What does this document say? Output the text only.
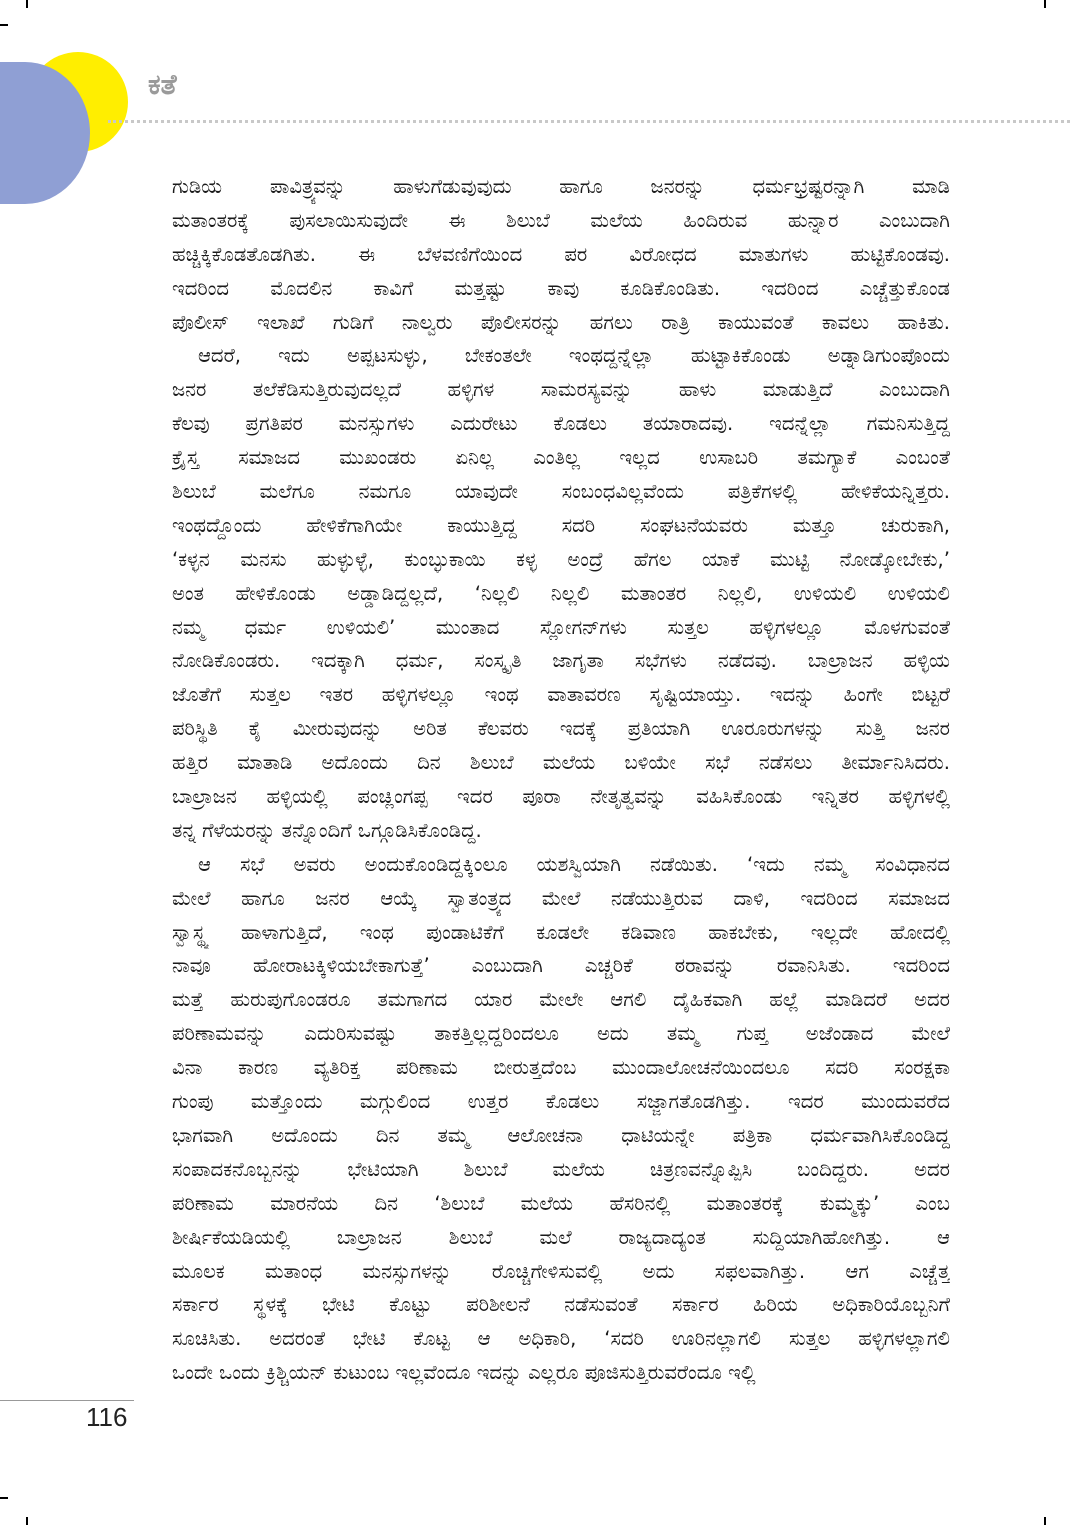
ಕತೆ
ಗುಡಿಯ ಪಾವಿತ್ರ್ಯವನ್ನು ಹಾಳುಗೆಡುವುವುದು ಹಾಗೂ ಜನರನ್ನು ಧರ್ಮಭ್ರಷ್ಟರನ್ನಾಗಿ ಮಾಡಿ
ಮತಾಂತರಕ್ಕೆ ಪುಸಲಾಯಿಸುವುದೇ ಈ ಶಿಲುಬೆ ಮಲೆಯ ಹಿಂದಿರುವ ಹುನ್ನಾರ ಎಂಬುದಾಗಿ
ಹಚ್ಚಿಕ್ಕಿಕೊಡತೊಡಗಿತು. ಈ ಬೆಳವಣಿಗೆಯಿಂದ ಪರ ವಿರೋಧದ ಮಾತುಗಳು ಹುಟ್ಟಿಕೊಂಡವು.
ಇದರಿಂದ ಮೊದಲಿನ ಕಾವಿಗೆ ಮತ್ತಷ್ಟು ಕಾವು ಕೂಡಿಕೊಂಡಿತು. ಇದರಿಂದ ಎಚ್ಚೆತ್ತುಕೊಂಡ
ಪೊಲೀಸ್ ಇಲಾಖೆ ಗುಡಿಗೆ ನಾಲ್ವರು ಪೊಲೀಸರನ್ನು ಹಗಲು ರಾತ್ರಿ ಕಾಯುವಂತೆ ಕಾವಲು ಹಾಕಿತು.
ಆದರೆ, ಇದು ಅಪ್ಪಟಸುಳ್ಳು, ಬೇಕಂತಲೇ ಇಂಥದ್ದನ್ನೆಲ್ಲಾ ಹುಟ್ಟಾಕಿಕೊಂಡು ಅಡ್ನಾಡಿಗುಂಪೊಂದು
ಜನರ ತಲೆಕೆಡಿಸುತ್ತಿರುವುದಲ್ಲದೆ ಹಳ್ಳಿಗಳ ಸಾಮರಸ್ಯವನ್ನು ಹಾಳು ಮಾಡುತ್ತಿದೆ ಎಂಬುದಾಗಿ
ಕೆಲವು ಪ್ರಗತಿಪರ ಮನಸ್ಸುಗಳು ಎದುರೇಟು ಕೊಡಲು ತಯಾರಾದವು. ಇದನ್ನೆಲ್ಲಾ ಗಮನಿಸುತ್ತಿದ್ದ
ಕ್ರೈಸ್ತ ಸಮಾಜದ ಮುಖಂಡರು ಏನಿಲ್ಲ ಎಂತಿಲ್ಲ ಇಲ್ಲದ ಉಸಾಬರಿ ತಮಗ್ಯಾಕೆ ಎಂಬಂತೆ
ಶಿಲುಬೆ ಮಲೆಗೂ ನಮಗೂ ಯಾವುದೇ ಸಂಬಂಧವಿಲ್ಲವೆಂದು ಪತ್ರಿಕೆಗಳಲ್ಲಿ ಹೇಳಿಕೆಯನ್ನಿತ್ತರು.
ಇಂಥದ್ದೊಂದು ಹೇಳಿಕೆಗಾಗಿಯೇ ಕಾಯುತ್ತಿದ್ದ ಸದರಿ ಸಂಘಟನೆಯವರು ಮತ್ತೂ ಚುರುಕಾಗಿ,
‘ಕಳ್ಳನ ಮನಸು ಹುಳ್ಳುಳ್ಳೆ, ಕುಂಬ್ಳುಕಾಯಿ ಕಳ್ಳ ಅಂದ್ರೆ ಹೆಗಲ ಯಾಕೆ ಮುಟ್ಟಿ ನೋಡ್ಕೋಬೇಕು,’
ಅಂತ ಹೇಳಿಕೊಂಡು ಅಡ್ಡಾಡಿದ್ದಲ್ಲದೆ, ‘ನಿಲ್ಲಲಿ ನಿಲ್ಲಲಿ ಮತಾಂತರ ನಿಲ್ಲಲಿ, ಉಳಿಯಲಿ ಉಳಿಯಲಿ
ನಮ್ಮ ಧರ್ಮ ಉಳಿಯಲಿ’ ಮುಂತಾದ ಸ್ಲೋಗನ್‌ಗಳು ಸುತ್ತಲ ಹಳ್ಳಿಗಳಲ್ಲೂ ಮೊಳಗುವಂತೆ
ನೋಡಿಕೊಂಡರು. ಇದಕ್ಕಾಗಿ ಧರ್ಮ, ಸಂಸ್ಕೃತಿ ಜಾಗೃತಾ ಸಭೆಗಳು ನಡೆದವು. ಬಾಲ್ರಾಜನ ಹಳ್ಳಿಯ
ಜೊತೆಗೆ ಸುತ್ತಲ ಇತರ ಹಳ್ಳಿಗಳಲ್ಲೂ ಇಂಥ ವಾತಾವರಣ ಸೃಷ್ಟಿಯಾಯ್ತು. ಇದನ್ನು ಹಿಂಗೇ ಬಿಟ್ಟರೆ
ಪರಿಸ್ಥಿತಿ ಕೈ ಮೀರುವುದನ್ನು ಅರಿತ ಕೆಲವರು ಇದಕ್ಕೆ ಪ್ರತಿಯಾಗಿ ಊರೂರುಗಳನ್ನು ಸುತ್ತಿ ಜನರ
ಹತ್ತಿರ ಮಾತಾಡಿ ಅದೊಂದು ದಿನ ಶಿಲುಬೆ ಮಲೆಯ ಬಳಿಯೇ ಸಭೆ ನಡೆಸಲು ತೀರ್ಮಾನಿಸಿದರು.
ಬಾಲ್ರಾಜನ ಹಳ್ಳಿಯಲ್ಲಿ ಪಂಚ್ಲಿಂಗಪ್ಪ ಇದರ ಪೂರಾ ನೇತೃತ್ವವನ್ನು ವಹಿಸಿಕೊಂಡು ಇನ್ನಿತರ ಹಳ್ಳಿಗಳಲ್ಲಿ
ತನ್ನ ಗೆಳೆಯರನ್ನು ತನ್ನೊಂದಿಗೆ ಒಗ್ಗೂಡಿಸಿಕೊಂಡಿದ್ದ.
ಆ ಸಭೆ ಅವರು ಅಂದುಕೊಂಡಿದ್ದಕ್ಕಿಂಲೂ ಯಶಸ್ವಿಯಾಗಿ ನಡೆಯಿತು. ‘ಇದು ನಮ್ಮ ಸಂವಿಧಾನದ
ಮೇಲೆ ಹಾಗೂ ಜನರ ಆಯ್ಕೆ ಸ್ವಾತಂತ್ರ್ಯದ ಮೇಲೆ ನಡೆಯುತ್ತಿರುವ ದಾಳಿ, ಇದರಿಂದ ಸಮಾಜದ
ಸ್ವಾಸ್ಥ್ಯ ಹಾಳಾಗುತ್ತಿದೆ, ಇಂಥ ಪುಂಡಾಟಿಕೆಗೆ ಕೂಡಲೇ ಕಡಿವಾಣ ಹಾಕಬೇಕು, ಇಲ್ಲದೇ ಹೋದಲ್ಲಿ
ನಾವೂ ಹೋರಾಟಕ್ಕಿಳಿಯಬೇಕಾಗುತ್ತೆ’ ಎಂಬುದಾಗಿ ಎಚ್ಚರಿಕೆ ಠರಾವನ್ನು ರವಾನಿಸಿತು. ಇದರಿಂದ
ಮತ್ತೆ ಹುರುಪುಗೊಂಡರೂ ತಮಗಾಗದ ಯಾರ ಮೇಲೇ ಆಗಲಿ ದೈಹಿಕವಾಗಿ ಹಲ್ಲೆ ಮಾಡಿದರೆ ಅದರ
ಪರಿಣಾಮವನ್ನು ಎದುರಿಸುವಷ್ಟು ತಾಕತ್ತಿಲ್ಲದ್ದರಿಂದಲೂ ಅದು ತಮ್ಮ ಗುಪ್ತ ಅಜೆಂಡಾದ ಮೇಲೆ
ವಿನಾ ಕಾರಣ ವ್ಯತಿರಿಕ್ತ ಪರಿಣಾಮ ಬೀರುತ್ತದೆಂಬ ಮುಂದಾಲೋಚನೆಯಿಂದಲೂ ಸದರಿ ಸಂರಕ್ಷಕಾ
ಗುಂಪು ಮತ್ತೊಂದು ಮಗ್ಗುಲಿಂದ ಉತ್ತರ ಕೊಡಲು ಸಜ್ಜಾಗತೊಡಗಿತ್ತು. ಇದರ ಮುಂದುವರೆದ
ಭಾಗವಾಗಿ ಅದೊಂದು ದಿನ ತಮ್ಮ ಆಲೋಚನಾ ಧಾಟಿಯನ್ನೇ ಪತ್ರಿಕಾ ಧರ್ಮವಾಗಿಸಿಕೊಂಡಿದ್ದ
ಸಂಪಾದಕನೊಬ್ಬನನ್ನು ಭೇಟಿಯಾಗಿ ಶಿಲುಬೆ ಮಲೆಯ ಚಿತ್ರಣವನ್ನೊಪ್ಪಿಸಿ ಬಂದಿದ್ದರು. ಅದರ
ಪರಿಣಾಮ ಮಾರನೆಯ ದಿನ ‘ಶಿಲುಬೆ ಮಲೆಯ ಹೆಸರಿನಲ್ಲಿ ಮತಾಂತರಕ್ಕೆ ಕುಮ್ಮಕ್ಕು’ ಎಂಬ
ಶೀರ್ಷಿಕೆಯಡಿಯಲ್ಲಿ ಬಾಲ್ರಾಜನ ಶಿಲುಬೆ ಮಲೆ ರಾಜ್ಯದಾದ್ಯಂತ ಸುದ್ದಿಯಾಗಿಹೋಗಿತ್ತು. ಆ
ಮೂಲಕ ಮತಾಂಧ ಮನಸ್ಸುಗಳನ್ನು ರೊಚ್ಚಿಗೇಳಿಸುವಲ್ಲಿ ಅದು ಸಫಲವಾಗಿತ್ತು. ಆಗ ಎಚ್ಚೆತ್ತ
ಸರ್ಕಾರ ಸ್ಥಳಕ್ಕೆ ಭೇಟಿ ಕೊಟ್ಟು ಪರಿಶೀಲನೆ ನಡೆಸುವಂತೆ ಸರ್ಕಾರ ಹಿರಿಯ ಅಧಿಕಾರಿಯೊಬ್ಬನಿಗೆ
ಸೂಚಿಸಿತು. ಅದರಂತೆ ಭೇಟಿ ಕೊಟ್ಟ ಆ ಅಧಿಕಾರಿ, ‘ಸದರಿ ಊರಿನಲ್ಲಾಗಲಿ ಸುತ್ತಲ ಹಳ್ಳಿಗಳಲ್ಲಾಗಲಿ
ಒಂದೇ ಒಂದು ಕ್ರಿಶ್ಚಿಯನ್ ಕುಟುಂಬ ಇಲ್ಲವೆಂದೂ ಇದನ್ನು ಎಲ್ಲರೂ ಪೂಜಿಸುತ್ತಿರುವರೆಂದೂ ಇಲ್ಲಿ
116
